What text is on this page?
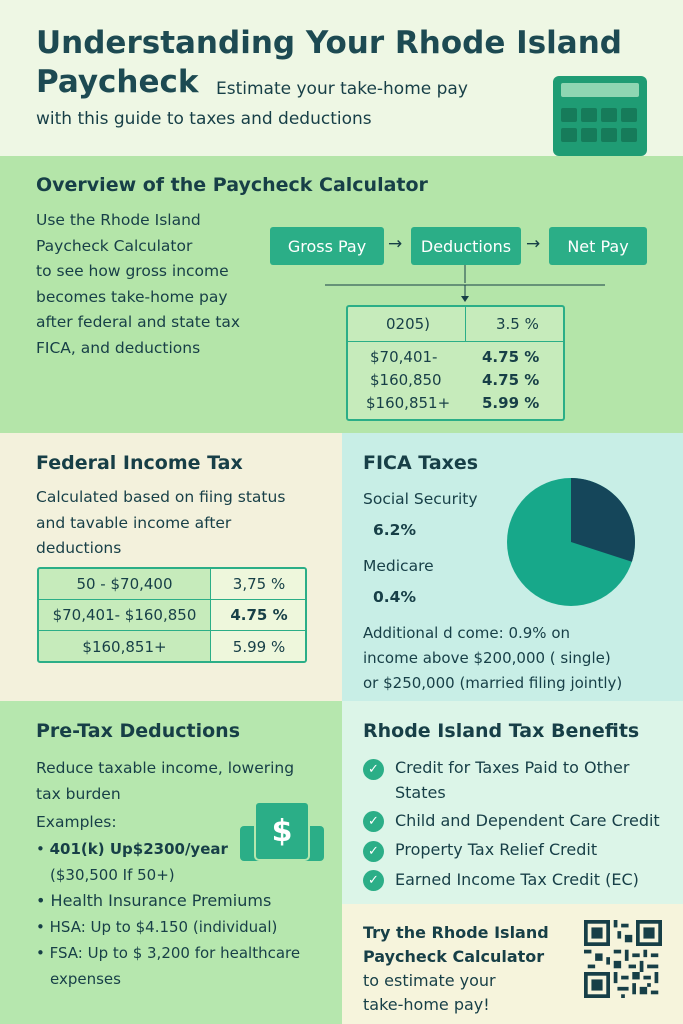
Understanding Your Rhode Island Paycheck	Estimate your take-home pay
with this guide to taxes and deductions
Overview of the Paycheck Calculator
Use the Rhode Island
Paycheck Calculator
to see how gross income
becomes take-home pay
after federal and state tax
FICA, and deductions
Gross Pay	→	Deductions →	Net Pay
0205)	3.5 %
$70,401-	4.75 %
$160,850	4.75 %
$160,851+ 5.99 %
Federal Income Tax
Calculated based on fiing status
and tavable income after
deductions
50 - $70,400	3,75 %
$70,401- $160,850	4.75 %
$160,851+	5.99 %
FICA Taxes
Social Security
6.2%
Medicare
0.4%
Additional d come: 0.9% on
income above $200,000 ( single)
or $250,000 (married filing jointly)
Pre-Tax Deductions
Reduce taxable income, lowering
tax burden
Examples:
• 401(k) Up$2300/year
($30,500 If 50+)
• Health Insurance Premiums
• HSA: Up to $4.150 (individual)
• FSA: Up to $ 3,200 for healthcare
expenses
$
Rhode Island Tax Benefits
✓	Credit for Taxes Paid to Other
States
✓	Child and Dependent Care Credit
✓	Property Tax Relief Credit
✓	Earned Income Tax Credit (EC)
Try the Rhode Island
Paycheck Calculator
to estimate your
take-home pay!
